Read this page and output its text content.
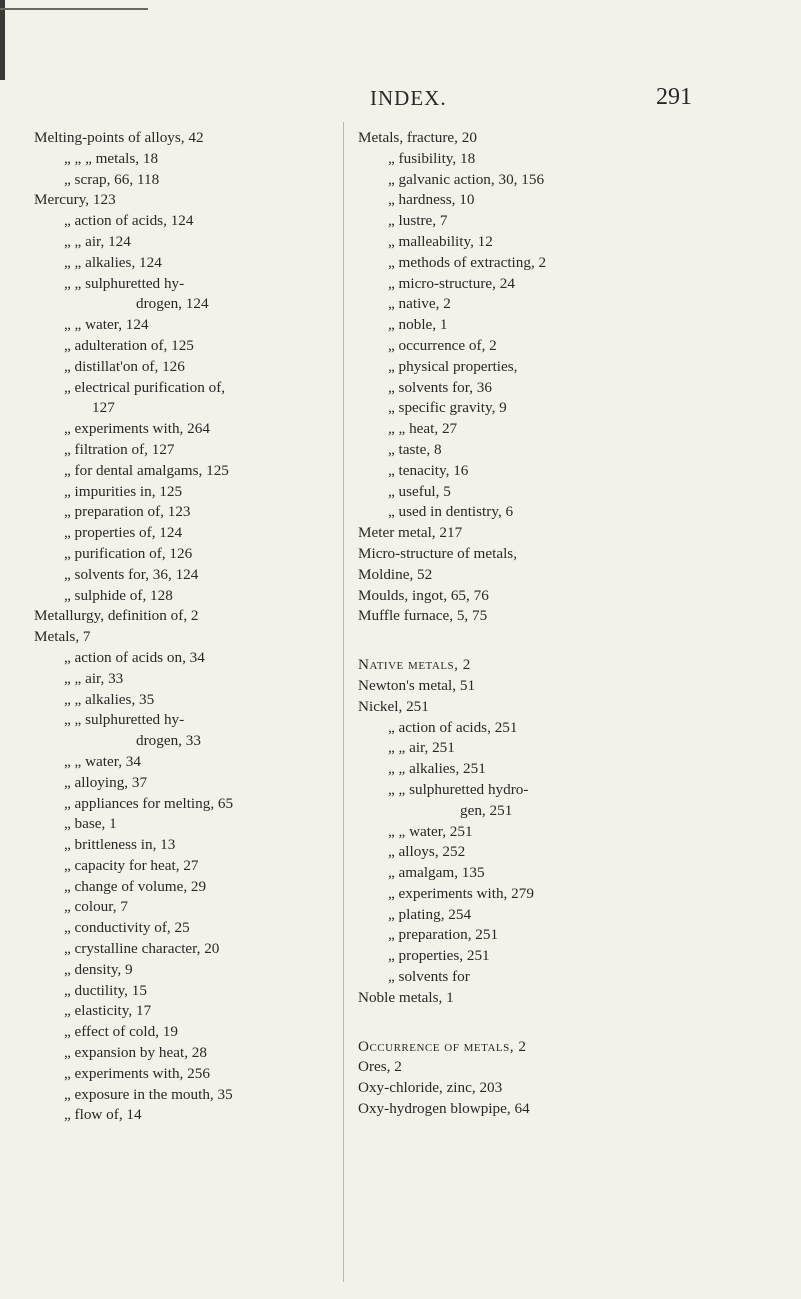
INDEX.	291
Melting-points of alloys, 42
„ „ „ metals, 18
„ scrap, 66, 118
Mercury, 123
„ action of acids, 124
„ „ air, 124
„ „ alkalies, 124
„ „ sulphuretted hy-
drogen, 124
„ „ water, 124
„ adulteration of, 125
„ distillat'on of, 126
„ electrical purification of,
127
„ experiments with, 264
„ filtration of, 127
„ for dental amalgams, 125
„ impurities in, 125
„ preparation of, 123
„ properties of, 124
„ purification of, 126
„ solvents for, 36, 124
„ sulphide of, 128
Metallurgy, definition of, 2
Metals, 7
„ action of acids on, 34
„ „ air, 33
„ „ alkalies, 35
„ „ sulphuretted hy-
drogen, 33
„ „ water, 34
„ alloying, 37
„ appliances for melting, 65
„ base, 1
„ brittleness in, 13
„ capacity for heat, 27
„ change of volume, 29
„ colour, 7
„ conductivity of, 25
„ crystalline character, 20
„ density, 9
„ ductility, 15
„ elasticity, 17
„ effect of cold, 19
„ expansion by heat, 28
„ experiments with, 256
„ exposure in the mouth, 35
„ flow of, 14
Metals, fracture, 20
„ fusibility, 18
„ galvanic action, 30, 156
„ hardness, 10
„ lustre, 7
„ malleability, 12
„ methods of extracting, 2
„ micro-structure, 24
„ native, 2
„ noble, 1
„ occurrence of, 2
„ physical properties,
„ solvents for, 36
„ specific gravity, 9
„ „ heat, 27
„ taste, 8
„ tenacity, 16
„ useful, 5
„ used in dentistry, 6
Meter metal, 217
Micro-structure of metals,
Moldine, 52
Moulds, ingot, 65, 76
Muffle furnace, 5, 75
Native metals, 2
Newton's metal, 51
Nickel, 251
„ action of acids, 251
„ „ air, 251
„ „ alkalies, 251
„ „ sulphuretted hydro-
gen, 251
„ „ water, 251
„ alloys, 252
„ amalgam, 135
„ experiments with, 279
„ plating, 254
„ preparation, 251
„ properties, 251
„ solvents for
Noble metals, 1
Occurrence of metals, 2
Ores, 2
Oxy-chloride, zinc, 203
Oxy-hydrogen blowpipe, 64
